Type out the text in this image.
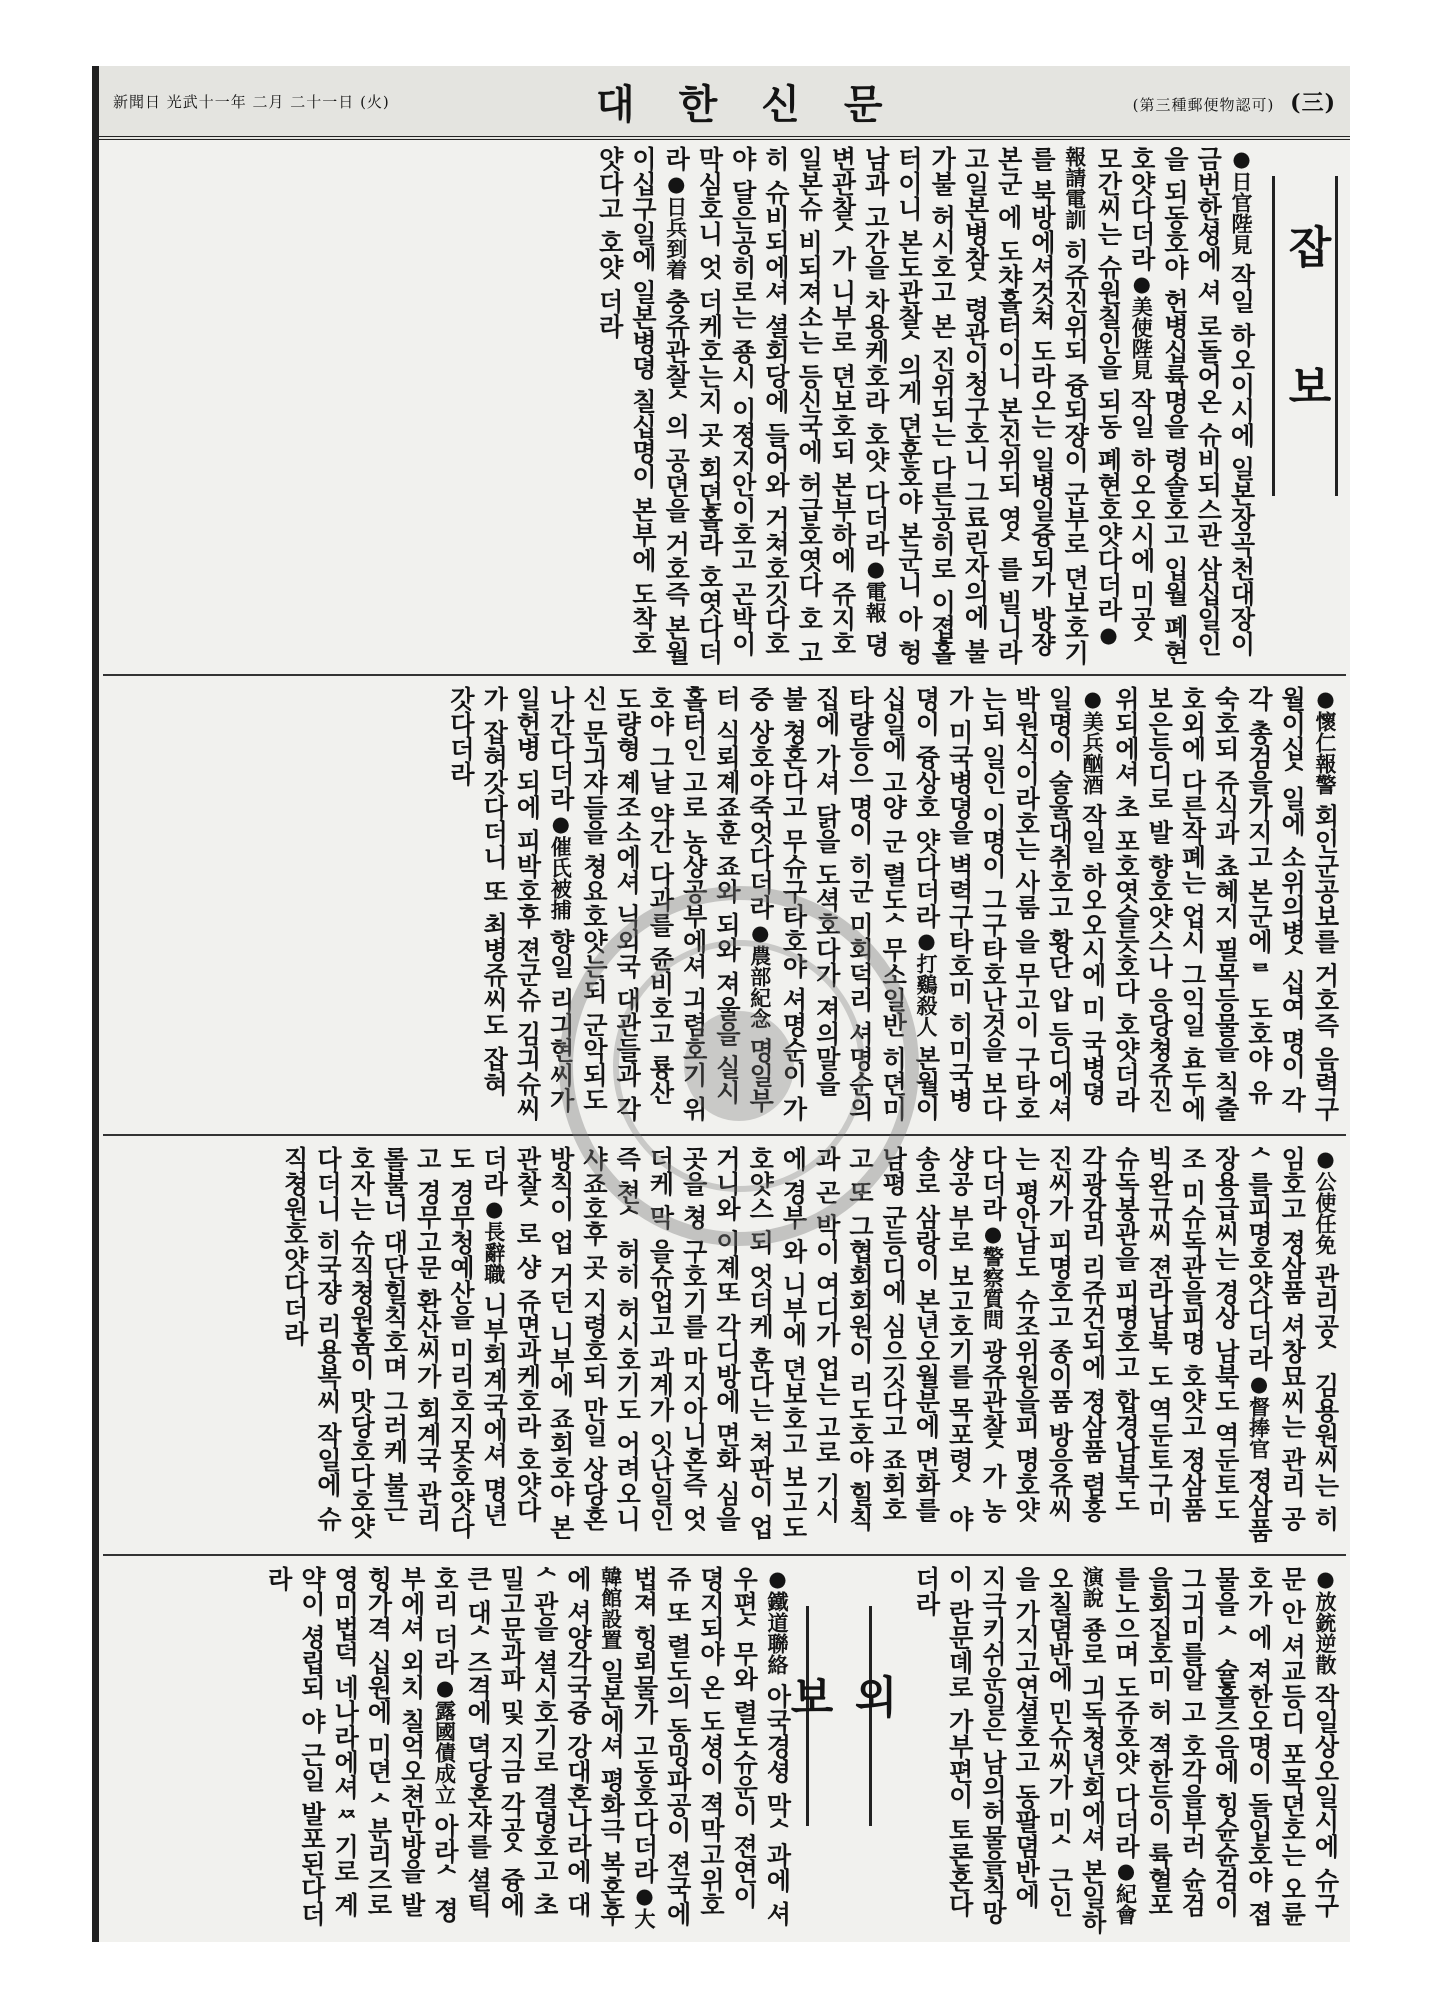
新聞日 光武十一年 二月 二十一日 (火)	대한신문	(第三種郵便物認可) (三)
잡 보
●日官陛見 작일 하오이시에 일본장곡천대장이 금번한셩에 셔 로돌어온 슈비되스관 삼십일인을 되동호야 헌병십륙명을 령솔호고 입월 폐현호얏다더라●美使陛見 작일 하오오시에 미공ᄉ 모간씨는 슈원칠인을 되동 폐현호얏다더라●報請電訓 히쥬진위되 즁되쟝이 군부로 뎐보호기를 북방에셔것쳐 도라오는 일병일즁되가 방쟝 본군 에 도챠홀터이니 본진위되 영ᄉ를 빌니라고일본병참ᄉ령관이청구호니 그료린자의에 불가불 허시호고 본 진위되는 다른공히로 이졉홀터이니 본도관찰ᄉ의게 뎐훈호야 본군니 아 헝남과 고간을 차용케호라 호얏 다더라●電報 뎡변관찰ᄉ가 니부로 뎐보호되 본부하에 쥬지호 일본슈 비되져소는 등신국에 허급호엿다 호 고히 슈비되에셔 셜회당에 들어와 거쳐호깃다호야 달은공히로는 죵시 이졍지안이호고 곤박이막심호니 엇 더케호는지 곳 회뎐홀라 호엿다더 라●日兵到着 충쥬관찰ᄉ의 공뎐을 거호즉 본월이십구일에 일본병뎡 칠십명이 본부에 도착호얏다고 호얏 더라
●懷仁報警 회인군공보를 거호즉 음력구월이십ᄉ일에 소위의병ᄉ십여 명이 각각 총검을가지고 본군에 ᄅ 도호야 유숙호되 쥬식과 쵸혜지 필목등물을 칙출호외에 다른작폐는 업시 그익일 효두에 보은등디로 발 향호얏스나 응당쳥쥬진위되에셔 초 포호엿슬듯호다 호얏더라●美兵酗酒 작일 하오오시에 미 국병뎡 일명이 술울대취호고 황단 압 등디에셔 박원식이라호는 사룸 을 무고이 구타호는되 일인 이명이 그구타호난것을 보다가 미국병뎡을 벽력구타호미 히미국병뎡이 즁상호 얏다더라●打鷄殺人 본월이십일에 고양 군 렬도ᄉ무소일반 히뎐미타량등으 명이 히군 미회덕리 셔명순의집에 가셔 닭을 도셕호다가 져의말을 불 쳥혼다고 무슈구타호야 셔명순이 가 중 상호야죽엇다더라●農部紀念 명일부터 식뢰졔죠훈 죠와 되와 져울을 실시홀터인 고로 농샹공부에셔 긔렴호기 위호야 그날 약간 다과를 쥰비호고 룡산 도량형 졔조소에셔 닉외국 대관들과 각 신 문긔쟈들을 쳥요호얏는되 군악되도 나간다더라●催氏被捕 향일 리긔현씨가 일헌병 되에 피박호후 젼군슈 김긔슈씨가 잡혀갓다더니 또 최병쥬씨도 잡혀 갓다더라
●公使任免 관리공ᄉ 김용원씨는 히임호고 졍삼품 셔창묘씨는 관리 공ᄉ를피명호얏다더라●督捧官 졍삼품 장용급씨는 경상 남북도 역둔토도조 미슈독관을피명 호얏고 졍삼품 빅완규씨 젼라남북 도 역둔토구미슈독봉관을 피명호고 합경남북도 각광감리 리쥬건되에 졍삼품 렴홍진씨가 피명호고 종이품 방응쥬씨는 평안남도 슈조위원을피 명호얏다더라●警察質問 광쥬관찰ᄉ가 농샹공 부로 보고호기를 목포령ᄉ 야송로 삼랑이 본년오월분에 면화를 남평 군등디에 심으깃다고 죠회호고 또 그협회회원이 리도호야 힐칙과 곤 박이 여디가 업는 고로 기시에 경부 와 니부에 뎐보호고 보고도 호얏스 되 엇더케 훈다는 쳐판이 업거니와 이졔또 각디방에 면화 심을곳을 쳥 구호기를 마지아니혼즉 엇더케 막 을슈업고 과계가 잇난일인즉 쳔ᄉ 허히 허시호기도 어려오니 샤죠호후 곳 지령호되 만일 상당혼방칙이 업 거던 니부에 죠회호야 본관찰ᄉ로 샹 쥬면과케호라 호얏다더라●長辭職 니부회계국에셔 명년 도 경무청예산을 미리호지못호얏다 고 경무고문 환산씨가 회계국 관리 롤불너 대단힐칙호며 그러케 불근 호자는 슈직쳥원홈이 맛당호다호얏 다더니 히국쟝 리용복씨 작일에 슈직쳥원호얏다더라
●放銃逆散 작일상오일시에 슈구문 안 셔교등디 포목뎐호는 오륜호가 에 져한오명이 돌입호야 졉물을 ᄉ 슐홀즈음에 힝슌슌검이 그긔미를알 고 호각을부러 슌검을회집호미 허 젹한등이 륙혈포를노으며 도쥬호얏 다더라●紀會演說 죵로 긔독쳥년회에셔 본일하오칠뎜반에 민슈씨가 미ᄉ 근인을 가지고연셜호고 동팔뎜반에 지극키쉬운일은 남의허물을칙망이 란문뎨로 가부편이 토론혼다더라
외 보
●鐵道聯絡 아국경셩 막ᄉ과에 셔 우편ᄉ무와 렬도슈운이 젼연이 뎡지되야 온 도셩이 젹막고위호쥬 또 렬도의 동밍파공이 젼국에 법져 힝뢰물가 고동호다더라●大韓館設置 일본에셔 평화극 복혼후에 셔양각국즁 강대혼나라에 대ᄉ관을 셜시호기로 결뎡호고 초 밀고문과파 및 지금 각공ᄉ즁에 큰 대ᄉ즈격에 뎍당혼쟈를 셜틱호리 더라●露國債成立 아라ᄉ 졍부에셔 외치 칠억오쳔만방을 발힝가격 십원에 미뎐 ᄉ분리즈로 영미법덕 네나라에셔 ᄶ기로 계약이 셩립되 야 근일 발포된다더라
